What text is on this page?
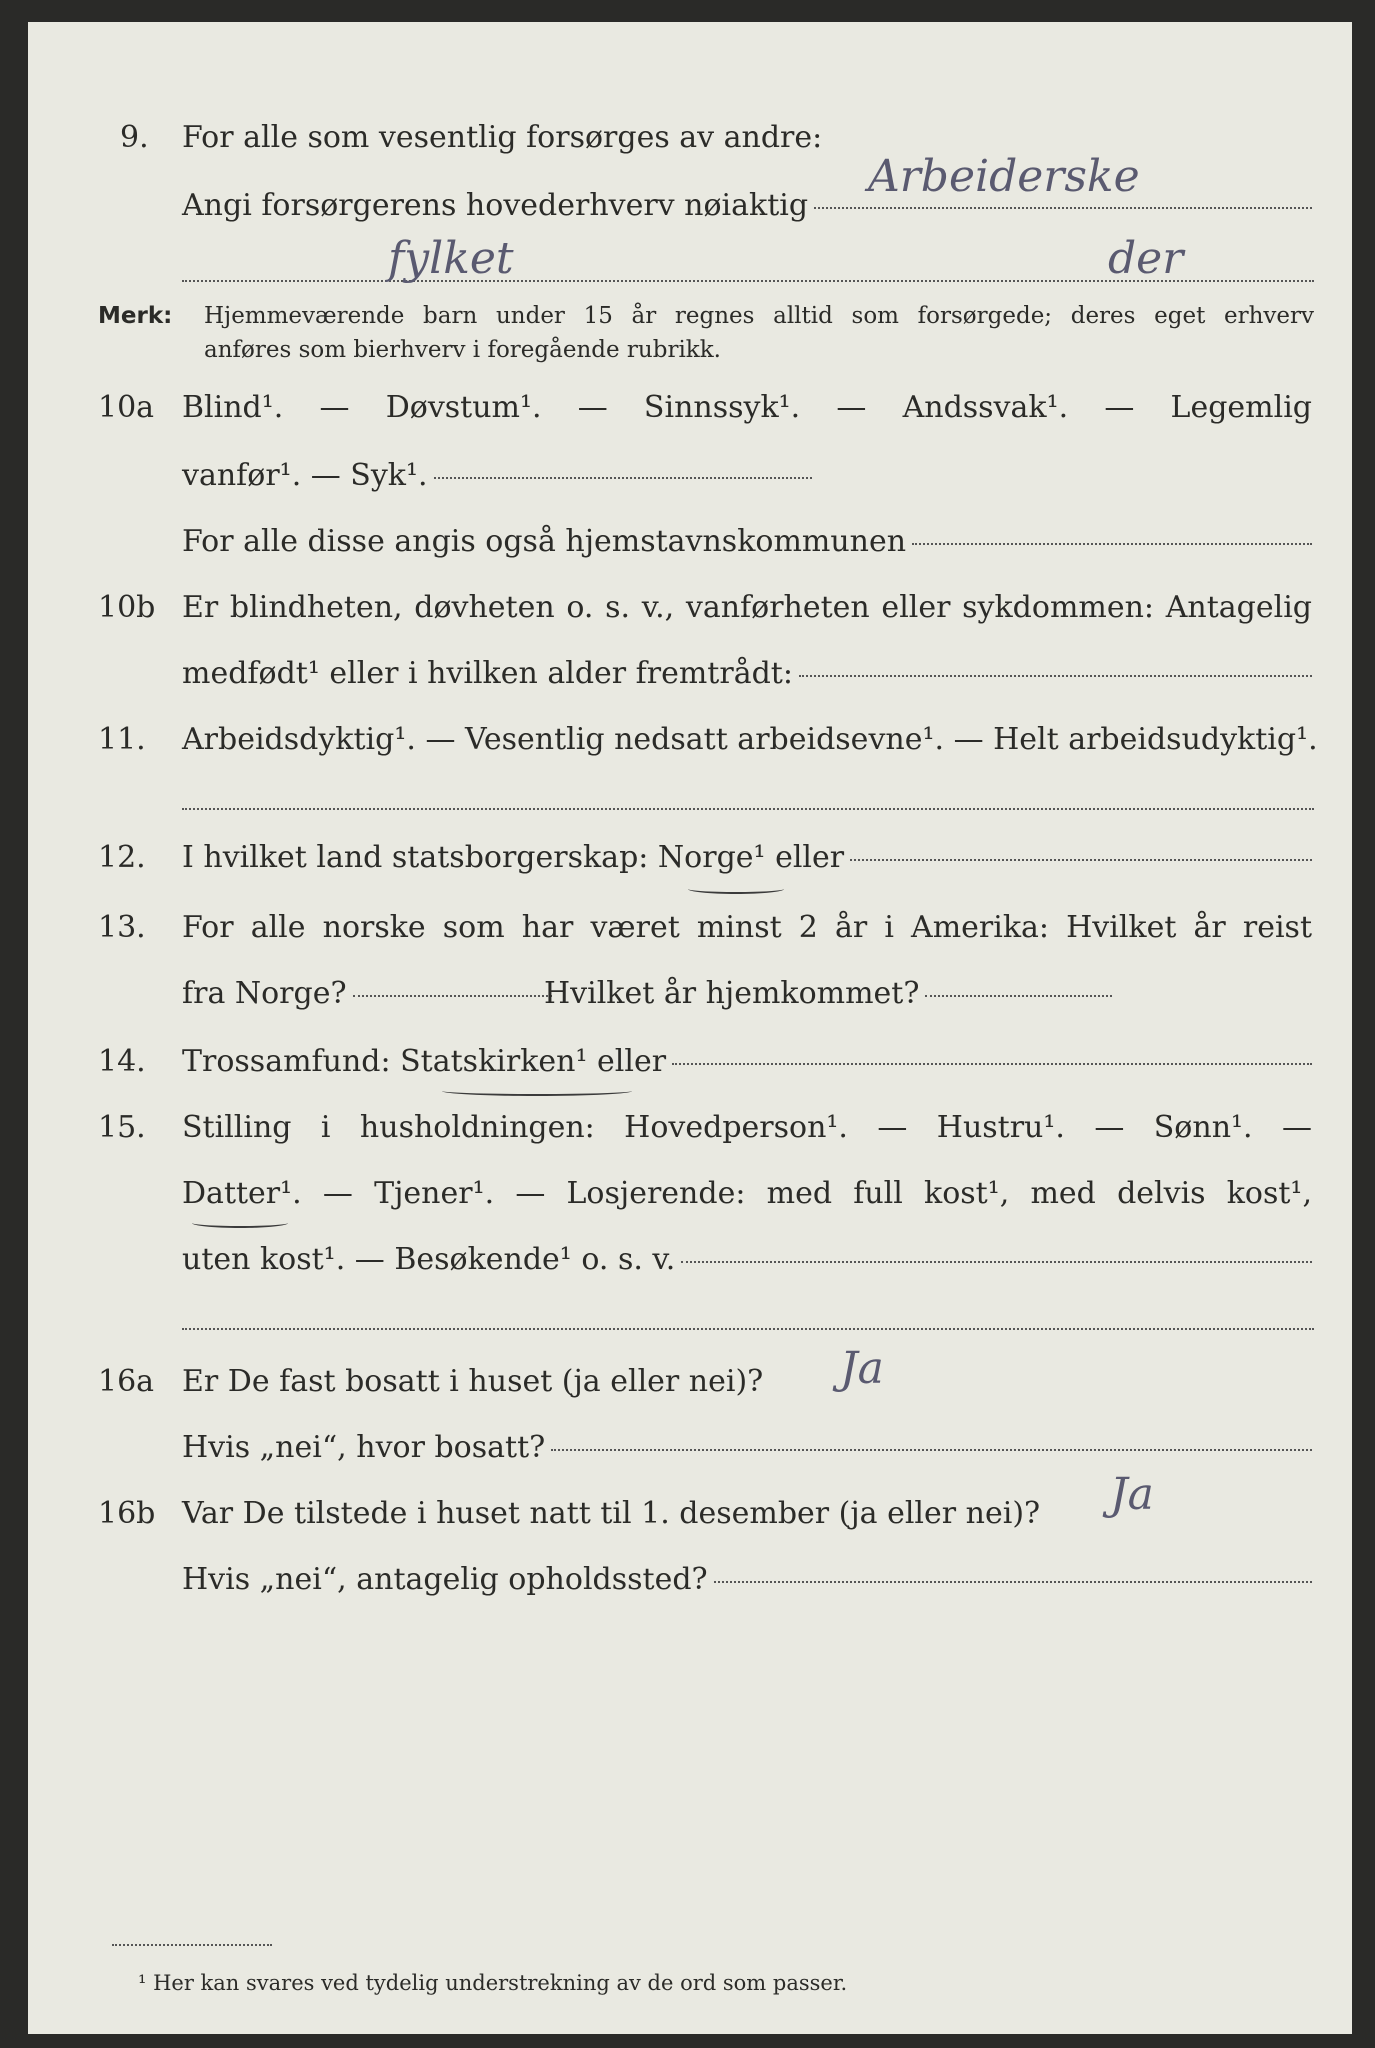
9.	For alle som vesentlig forsørges av andre:
Angi forsørgerens hovederhverv nøiaktig
Arbeiderske
fylket	der
Merk: Hjemmeværende barn under 15 år regnes alltid som forsørgede; deres eget erhverv
anføres som bierhverv i foregående rubrikk.
10a Blind¹. — Døvstum¹. — Sinnssyk¹. — Andssvak¹. — Legemlig
vanfør¹. — Syk¹.
For alle disse angis også hjemstavnskommunen
10b Er blindheten, døvheten o. s. v., vanførheten eller sykdommen: Antagelig
medfødt¹ eller i hvilken alder fremtrådt:
11.	Arbeidsdyktig¹. — Vesentlig nedsatt arbeidsevne¹. — Helt arbeidsudyktig¹.
12.	I hvilket land statsborgerskap: Norge¹ eller
13.	For alle norske som har været minst 2 år i Amerika: Hvilket år reist
fra Norge?	Hvilket år hjemkommet?
14.	Trossamfund: Statskirken¹ eller
15.	Stilling i husholdningen: Hovedperson¹. — Hustru¹. — Sønn¹. —
Datter¹. — Tjener¹. — Losjerende: med full kost¹, med delvis kost¹,
uten kost¹. — Besøkende¹ o. s. v.
16a Er De fast bosatt i huset (ja eller nei)?	Ja
Hvis „nei“, hvor bosatt?
16b Var De tilstede i huset natt til 1. desember (ja eller nei)?	Ja
Hvis „nei“, antagelig opholdssted?
¹ Her kan svares ved tydelig understrekning av de ord som passer.
